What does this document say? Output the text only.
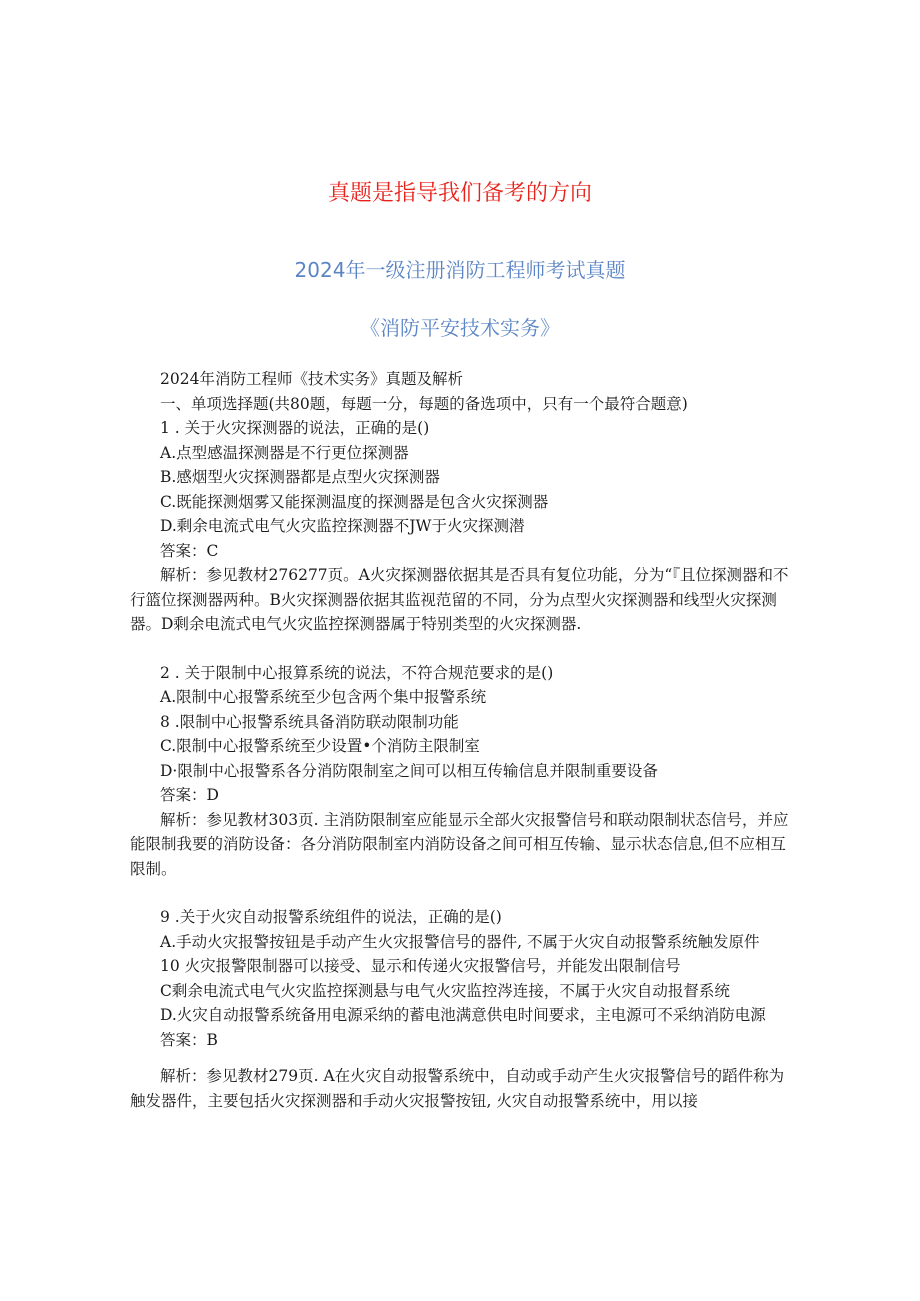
真题是指导我们备考的方向
2024年一级注册消防工程师考试真题
《消防平安技术实务》

2024年消防工程师《技术实务》真题及解析

一、单项选择题(共80题，每题一分，每题的备选项中，只有一个最符合题意)

1 . 关于火灾探测器的说法，正确的是()

A.点型感温探测器是不行更位探测器

B.感烟型火灾探测器都是点型火灾探测器

C.既能探测烟雾又能探测温度的探测器是包含火灾探测器

D.剩余电流式电气火灾监控探测器不JW于火灾探测潜

答案：C

解析：参见教材276277页。A火灾探测器依据其是否具有复位功能，分为“『且位探测器和不行篮位探测器两种。B火灾探测器依据其监视范留的不同，分为点型火灾探测器和线型火灾探测器。D剩余电流式电气火灾监控探测器属于特别类型的火灾探测器.

2 . 关于限制中心报算系统的说法，不符合规范要求的是()

A.限制中心报警系统至少包含两个集中报警系统

8 .限制中心报警系统具备消防联动限制功能

C.限制中心报警系统至少设置•个消防主限制室

D·限制中心报警系各分消防限制室之间可以相互传输信息并限制重要设备

答案：D

解析：参见教材303页. 主消防限制室应能显示全部火灾报警信号和联动限制状态信号，并应能限制我要的消防设备：各分消防限制室内消防设备之间可相互传输、显示状态信息,但不应相互限制。

9 .关于火灾自动报警系统组件的说法，正确的是()

A.手动火灾报警按钮是手动产生火灾报警信号的器件, 不属于火灾自动报警系统触发原件

10 火灾报警限制器可以接受、显示和传递火灾报警信号，并能发出限制信号

C剩余电流式电气火灾监控探测悬与电气火灾监控涔连接，不属于火灾自动报督系统

D.火灾自动报警系统备用电源采纳的蓄电池满意供电时间要求，主电源可不采纳消防电源

答案：B

解析：参见教材279页. A在火灾自动报警系统中，自动或手动产生火灾报警信号的蹈件称为触发器件，主要包括火灾探测器和手动火灾报警按钮, 火灾自动报警系统中，用以接
